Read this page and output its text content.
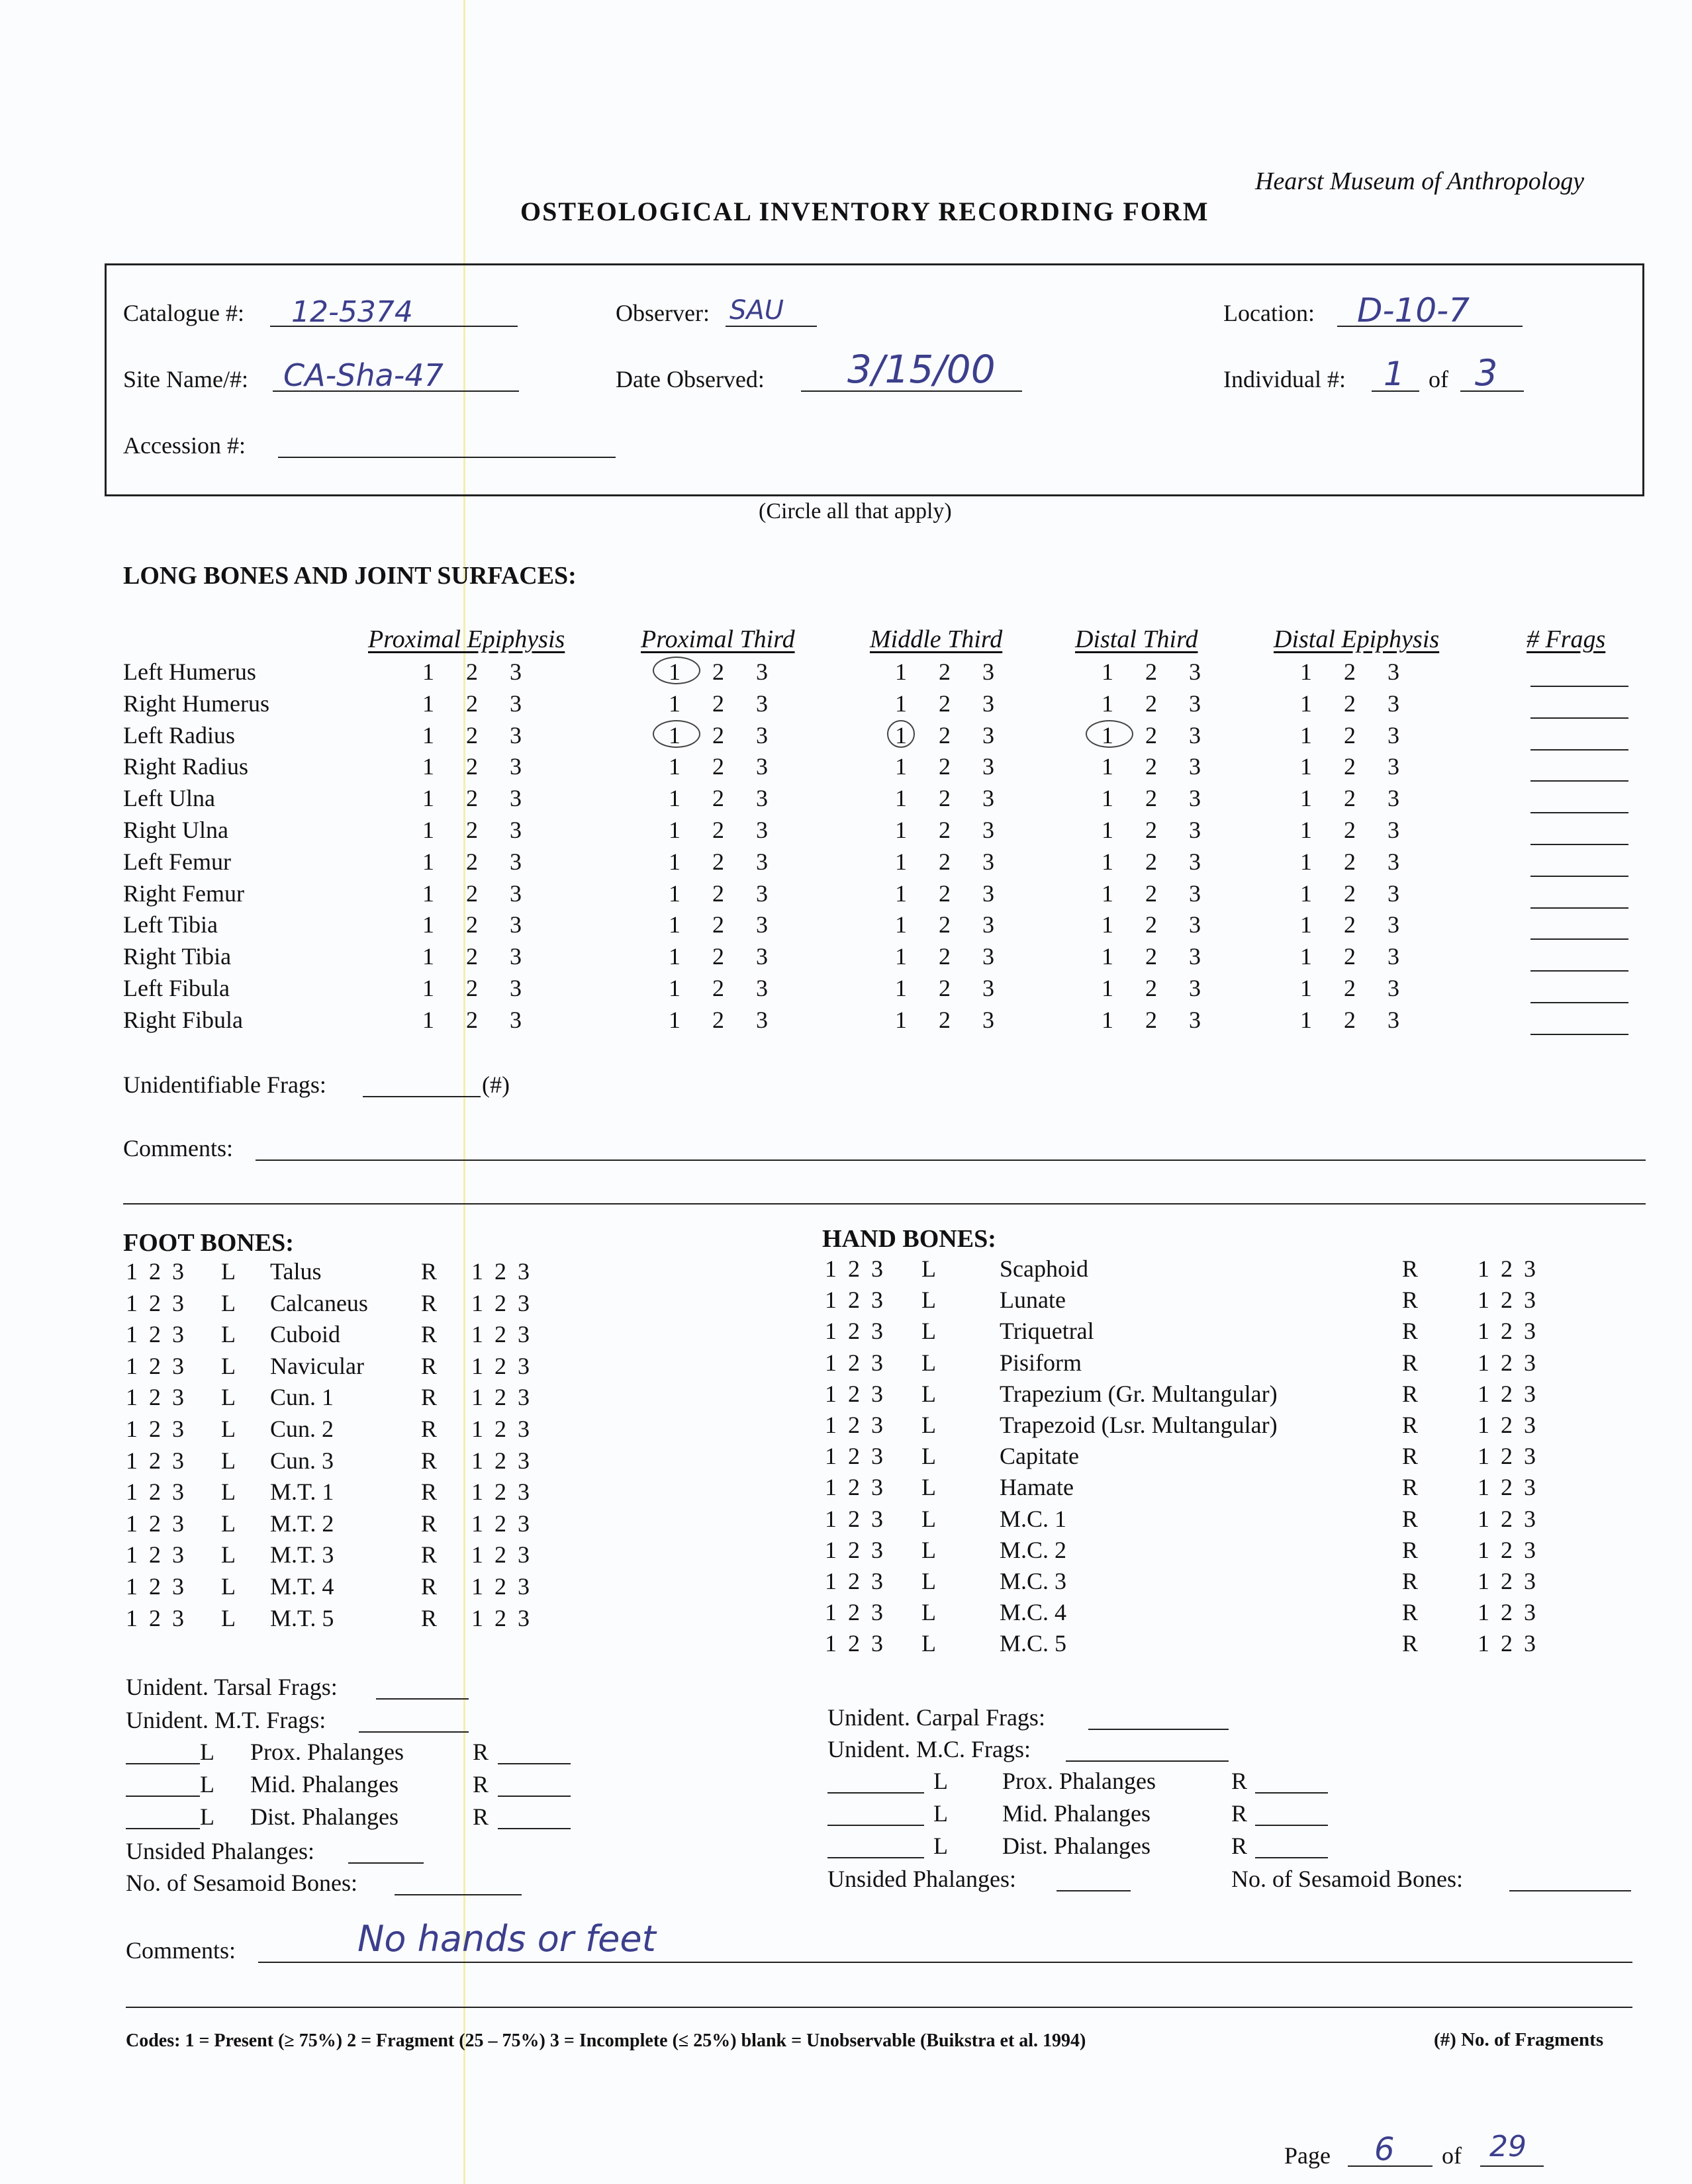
Hearst Museum of Anthropology
OSTEOLOGICAL INVENTORY RECORDING FORM
Catalogue #: 12-5374	Observer: SAU	Location: D-10-7
Site Name/#: CA-Sha-47	Date Observed: 3/15/00	Individual #: 1 of 3
Accession #:
(Circle all that apply)
LONG BONES AND JOINT SURFACES:
Proximal Epiphysis	Proximal Third	Middle Third	Distal Third	Distal Epiphysis	# Frags
Left Humerus	1 2 3	1 2 3	1 2 3	1 2 3	1 2 3
Right Humerus	1 2 3	1 2 3	1 2 3	1 2 3	1 2 3
Left Radius	1 2 3	1 2 3	1 2 3	1 2 3	1 2 3
Right Radius	1 2 3	1 2 3	1 2 3	1 2 3	1 2 3
Left Ulna	1 2 3	1 2 3	1 2 3	1 2 3	1 2 3
Right Ulna	1 2 3	1 2 3	1 2 3	1 2 3	1 2 3
Left Femur	1 2 3	1 2 3	1 2 3	1 2 3	1 2 3
Right Femur	1 2 3	1 2 3	1 2 3	1 2 3	1 2 3
Left Tibia	1 2 3	1 2 3	1 2 3	1 2 3	1 2 3
Right Tibia	1 2 3	1 2 3	1 2 3	1 2 3	1 2 3
Left Fibula	1 2 3	1 2 3	1 2 3	1 2 3	1 2 3
Right Fibula	1 2 3	1 2 3	1 2 3	1 2 3	1 2 3
Unidentifiable Frags:	(#)
Comments:
FOOT BONES:
1 2 3 L Talus	R 1 2 3
1 2 3 L Calcaneus R 1 2 3
1 2 3 L Cuboid	R 1 2 3
1 2 3 L Navicular R 1 2 3
1 2 3 L Cun. 1	R 1 2 3
1 2 3 L Cun. 2	R 1 2 3
1 2 3 L Cun. 3	R 1 2 3
1 2 3 L M.T. 1	R 1 2 3
1 2 3 L M.T. 2	R 1 2 3
1 2 3 L M.T. 3	R 1 2 3
1 2 3 L M.T. 4	R 1 2 3
1 2 3 L M.T. 5	R 1 2 3
Unident. Tarsal Frags:
Unident. M.T. Frags:
L Prox. Phalanges	R
L Mid. Phalanges	R
L Dist. Phalanges	R
Unsided Phalanges:
No. of Sesamoid Bones:
HAND BONES:
1 2 3 L	Scaphoid	R 1 2 3
1 2 3 L	Lunate	R 1 2 3
1 2 3 L	Triquetral	R 1 2 3
1 2 3 L	Pisiform	R 1 2 3
1 2 3 L	Trapezium (Gr. Multangular)	R 1 2 3
1 2 3 L	Trapezoid (Lsr. Multangular)	R 1 2 3
1 2 3 L	Capitate	R 1 2 3
1 2 3 L	Hamate	R 1 2 3
1 2 3 L	M.C. 1	R 1 2 3
1 2 3 L	M.C. 2	R 1 2 3
1 2 3 L	M.C. 3	R 1 2 3
1 2 3 L	M.C. 4	R 1 2 3
1 2 3 L	M.C. 5	R 1 2 3
Unident. Carpal Frags:
Unident. M.C. Frags:
L Prox. Phalanges	R
L Mid. Phalanges	R
L Dist. Phalanges	R
Unsided Phalanges:	No. of Sesamoid Bones:
Comments:	No hands or feet
Codes: 1 = Present (≥ 75%) 2 = Fragment (25 – 75%) 3 = Incomplete (≤ 25%) blank = Unobservable (Buikstra et al. 1994)	(#) No. of Fragments
Page 6 of 29
